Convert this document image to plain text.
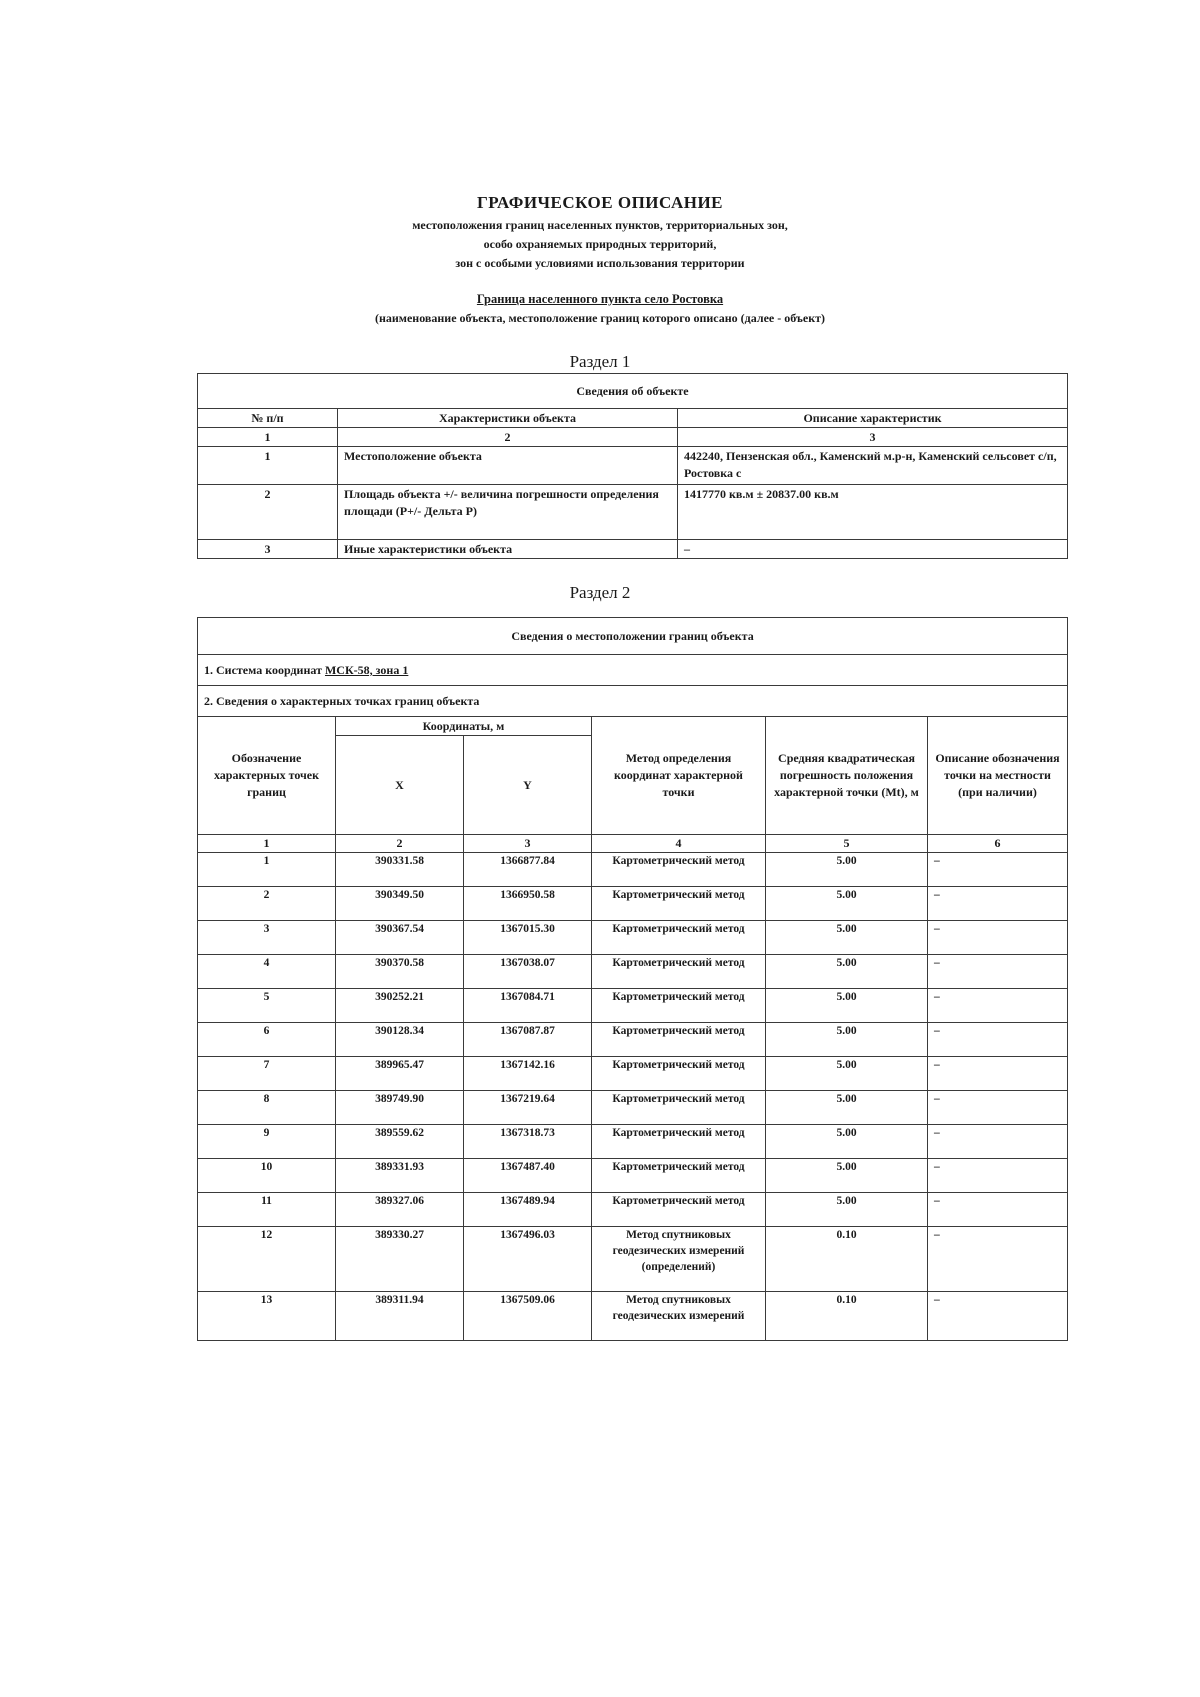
ГРАФИЧЕСКОЕ ОПИСАНИЕ
местоположения границ населенных пунктов, территориальных зон,
особо охраняемых природных территорий,
зон с особыми условиями использования территории
Граница населенного пункта село Ростовка
(наименование объекта, местоположение границ которого описано (далее - объект)
Раздел 1
Сведения об объекте		
№ п/п	Характеристики объекта	Описание характеристик
1	2	3
1	Местоположение объекта	442240, Пензенская обл., Каменский м.р-н, Каменский сельсовет с/п, Ростовка с
2	Площадь объекта +/- величина погрешности определения площади (P+/- Дельта P)	1417770 кв.м ± 20837.00 кв.м
3	Иные характеристики объекта	–
Раздел 2
Сведения о местоположении границ объекта					
1. Система координат МСК-58, зона 1					
2. Сведения о характерных точках границ объекта					
Обозначение характерных точек границ	Координаты, м		Метод определения координат характерной точки	Средняя квадратическая погрешность положения характерной точки (Mt), м	Описание обозначения точки на местности (при наличии)
	X	Y			
1	2	3	4	5	6
1	390331.58	1366877.84	Картометрический метод	5.00	–
2	390349.50	1366950.58	Картометрический метод	5.00	–
3	390367.54	1367015.30	Картометрический метод	5.00	–
4	390370.58	1367038.07	Картометрический метод	5.00	–
5	390252.21	1367084.71	Картометрический метод	5.00	–
6	390128.34	1367087.87	Картометрический метод	5.00	–
7	389965.47	1367142.16	Картометрический метод	5.00	–
8	389749.90	1367219.64	Картометрический метод	5.00	–
9	389559.62	1367318.73	Картометрический метод	5.00	–
10	389331.93	1367487.40	Картометрический метод	5.00	–
11	389327.06	1367489.94	Картометрический метод	5.00	–
12	389330.27	1367496.03	Метод спутниковых геодезических измерений (определений)	0.10	–
13	389311.94	1367509.06	Метод спутниковых геодезических измерений	0.10	–
